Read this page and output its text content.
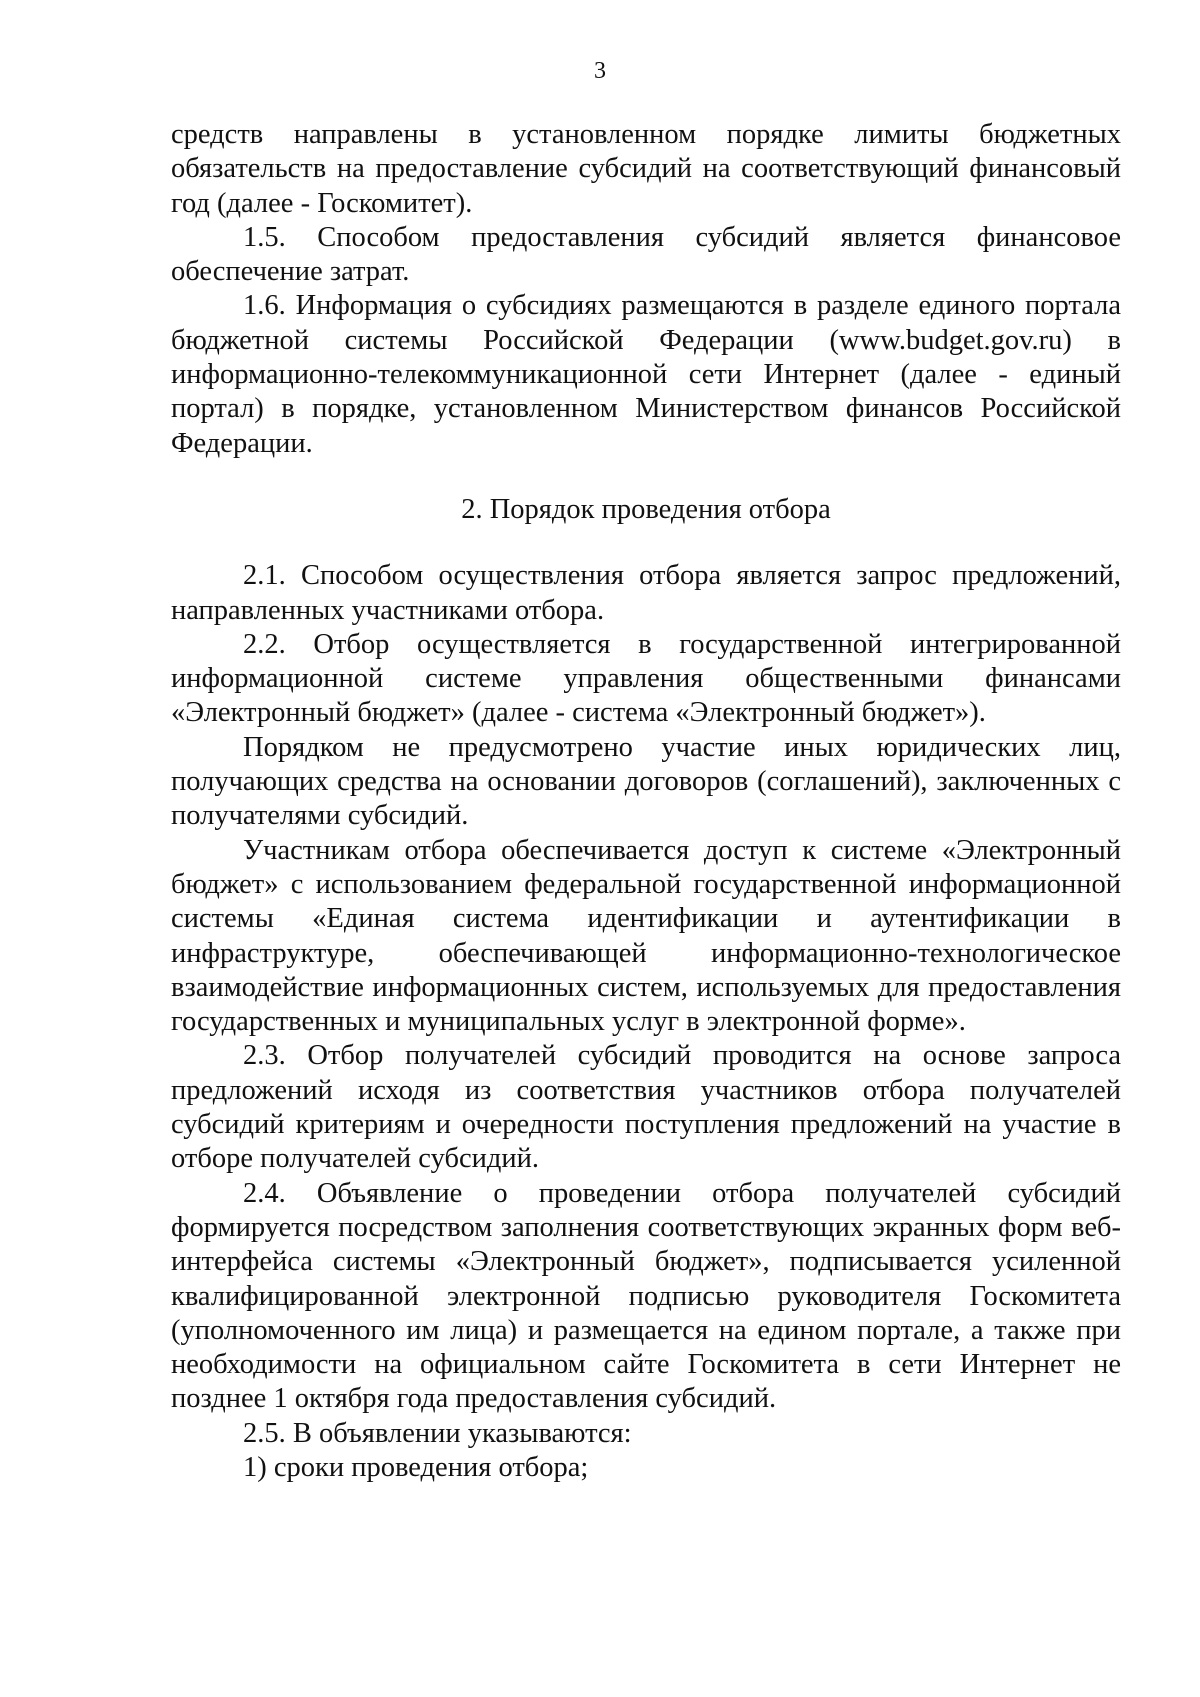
3

средств направлены в установленном порядке лимиты бюджетных обязательств на предоставление субсидий на соответствующий финансовый год (далее - Госкомитет).

1.5. Способом предоставления субсидий является финансовое обеспечение затрат.

1.6. Информация о субсидиях размещаются в разделе единого портала бюджетной системы Российской Федерации (www.budget.gov.ru) в информационно-телекоммуникационной сети Интернет (далее - единый портал) в порядке, установленном Министерством финансов Российской Федерации.

2. Порядок проведения отбора

2.1. Способом осуществления отбора является запрос предложений, направленных участниками отбора.

2.2. Отбор осуществляется в государственной интегрированной информационной системе управления общественными финансами «Электронный бюджет» (далее - система «Электронный бюджет»).

Порядком не предусмотрено участие иных юридических лиц, получающих средства на основании договоров (соглашений), заключенных с получателями субсидий.

Участникам отбора обеспечивается доступ к системе «Электронный бюджет» с использованием федеральной государственной информационной системы «Единая система идентификации и аутентификации в инфраструктуре, обеспечивающей информационно-технологическое взаимодействие информационных систем, используемых для предоставления государственных и муниципальных услуг в электронной форме».

2.3. Отбор получателей субсидий проводится на основе запроса предложений исходя из соответствия участников отбора получателей субсидий критериям и очередности поступления предложений на участие в отборе получателей субсидий.

2.4. Объявление о проведении отбора получателей субсидий формируется посредством заполнения соответствующих экранных форм веб-интерфейса системы «Электронный бюджет», подписывается усиленной квалифицированной электронной подписью руководителя Госкомитета (уполномоченного им лица) и размещается на едином портале, а также при необходимости на официальном сайте Госкомитета в сети Интернет не позднее 1 октября года предоставления субсидий.

2.5. В объявлении указываются:

1) сроки проведения отбора;
